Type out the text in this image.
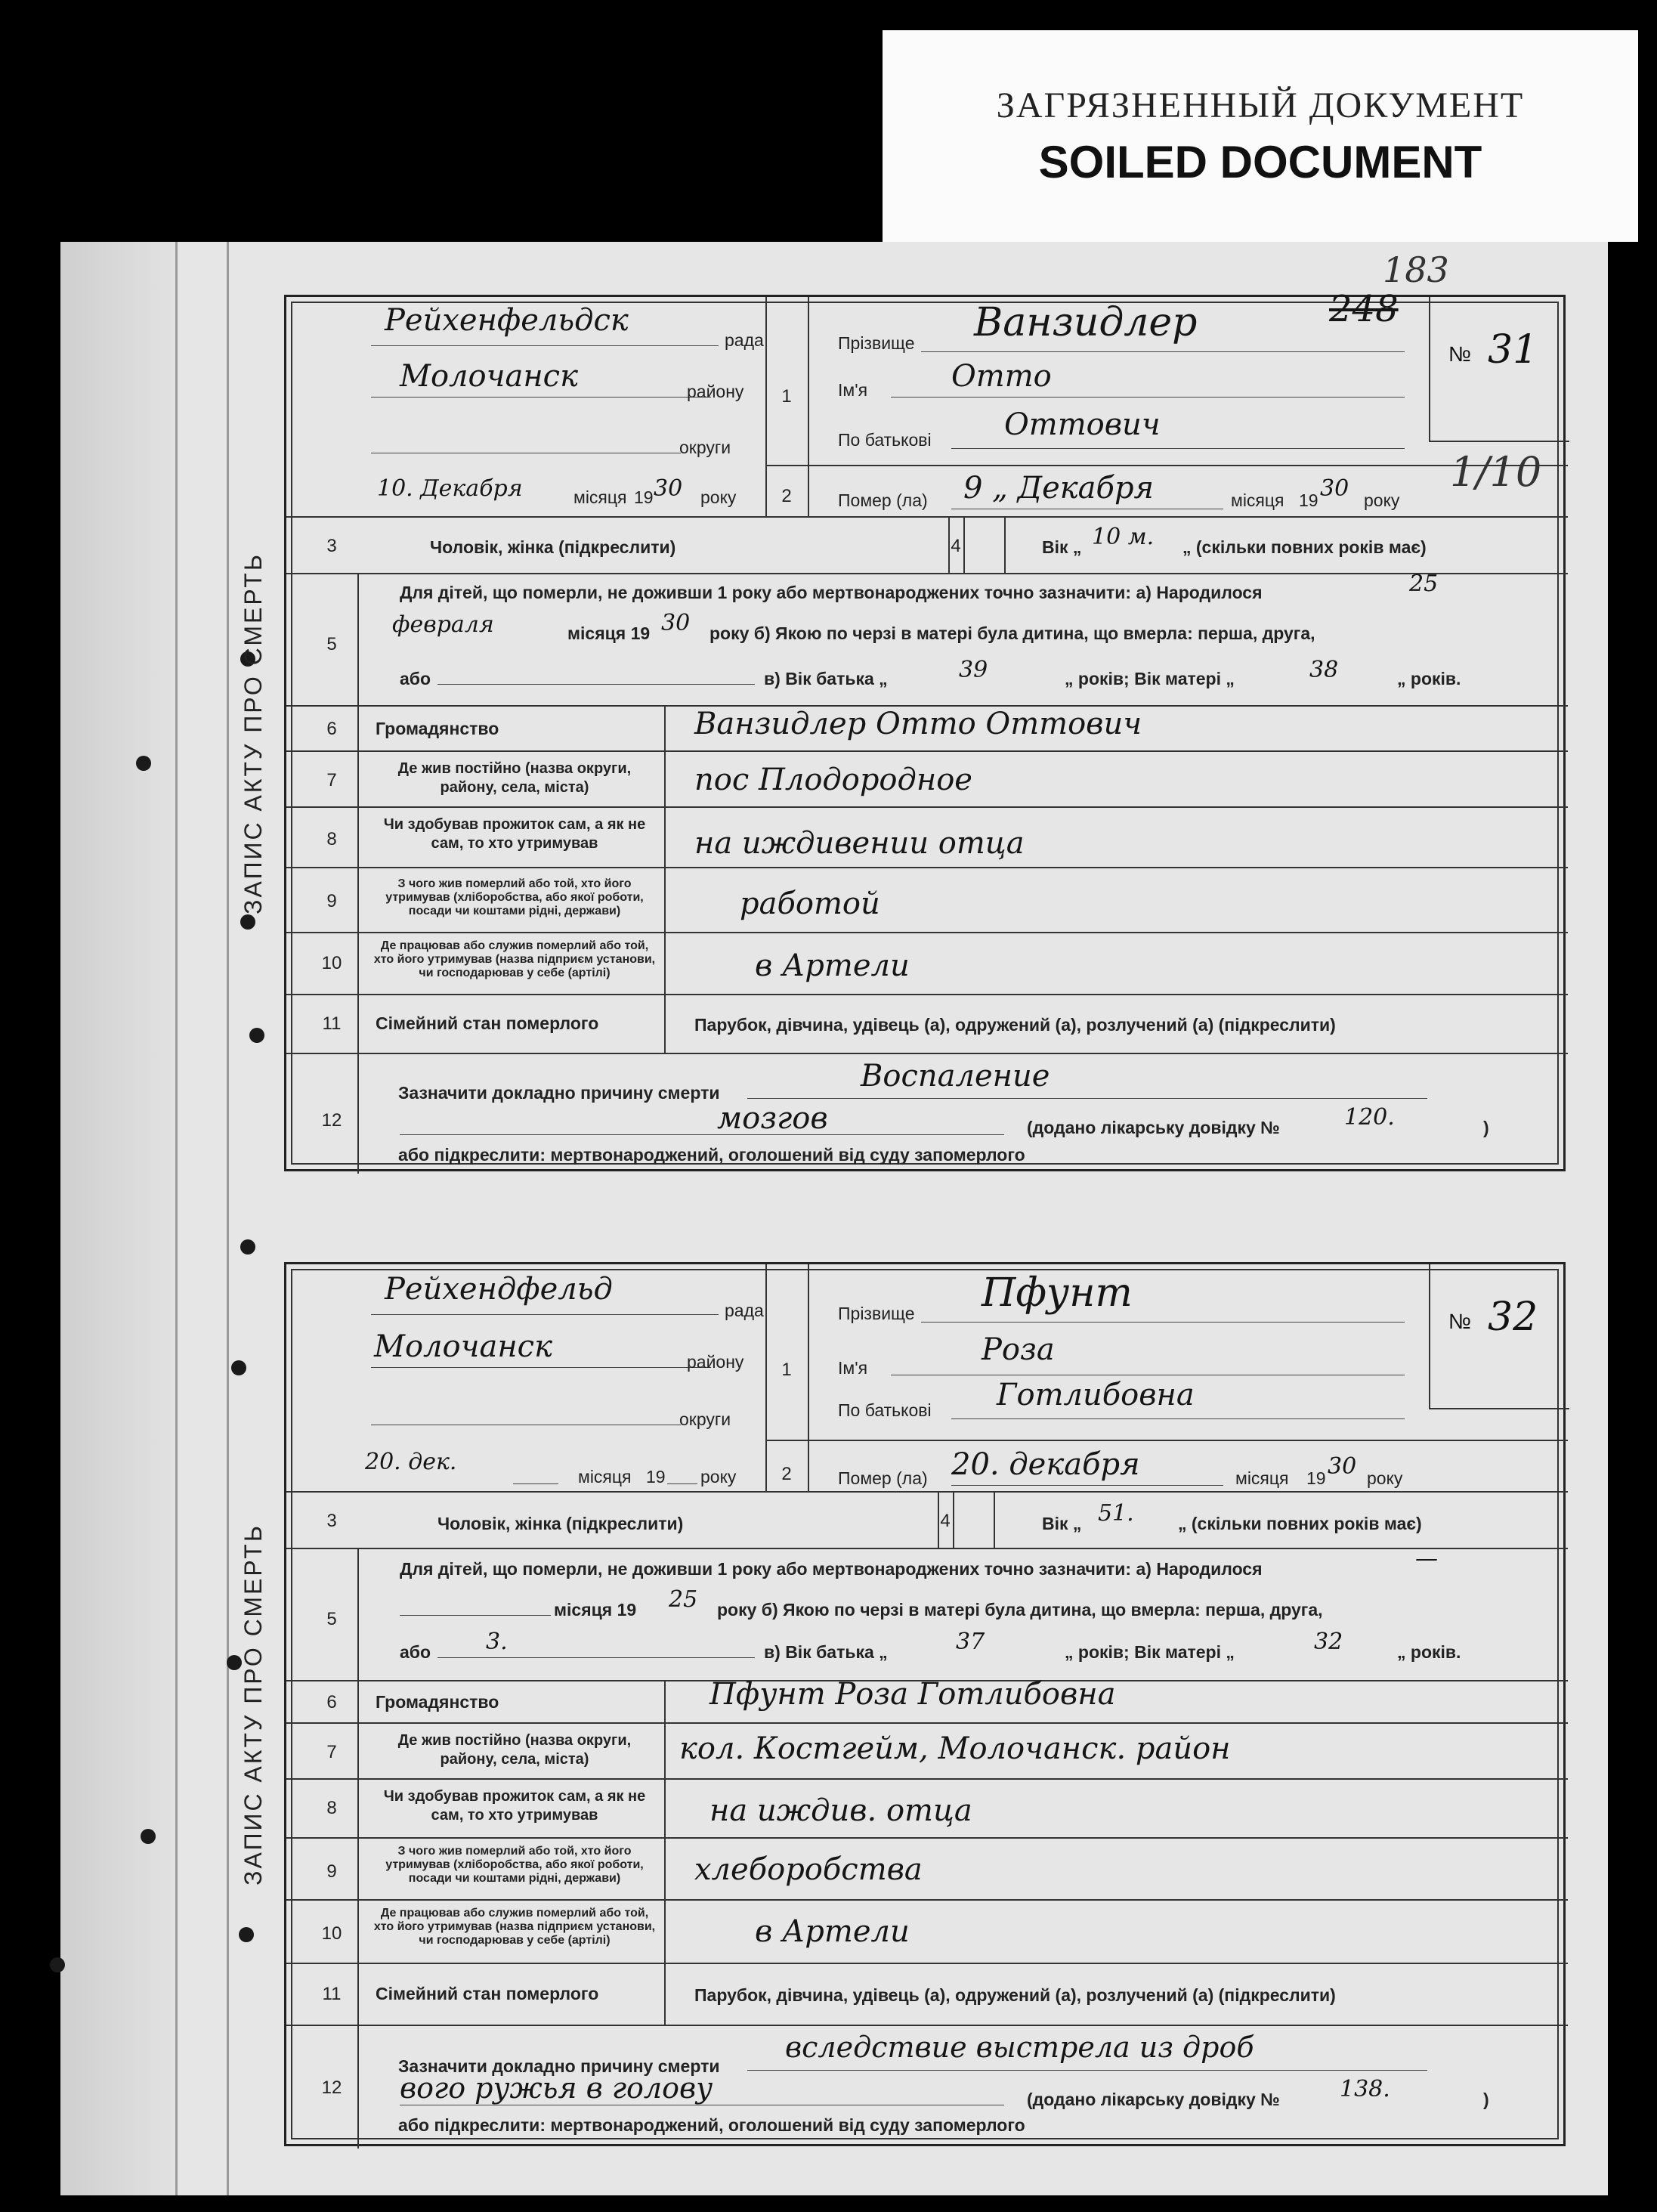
ЗАГРЯЗНЕННЫЙ ДОКУМЕНТ
SOILED DOCUMENT
183
ЗАПИС АКТУ ПРО СМЕРТЬ
№ 31
248
1/10
Рейхенфельдск
рада
Молочанск	району
округи
1
Прізвище Ванзидлер
Ім'я	Отто
По батькові Оттович
10. Декабря	місяця 19 30 року	2	Помер (ла) 9 „ Декабря	місяця 19 30 року
3	Чоловік, жінка (підкреслити)	4	Вік „ 10 м. „ (скільки повних років має)
5
Для дітей, що померли, не доживши 1 року або мертвонароджених точно зазначити: а) Народилося	25
февраля	місяця 19 30 року б) Якою по черзі в матері була дитина, що вмерла: перша, друга,
або	в) Вік батька „	39	„ років; Вік матері „	38	„ років.
6	Громадянство	Ванзидлер Отто Оттович
7
Де жив постійно (назва округи, району, села, міста)	пос Плодородное
8
Чи здобував прожиток сам, а як не сам, то хто утримував	на иждивении отца
9
З чого жив померлий або той, хто його утримував (хліборобства, або якої роботи, посади чи коштами рідні, держави)	работой
10
Де працював або служив померлий або той, хто його утримував (назва підприєм установи, чи господарював у себе (артілі)	в Артели
11	Сімейний стан померлого	Парубок, дівчина, удівець (а), одружений (а), розлучений (а) (підкреслити)
12
Зазначити докладно причину смерти	Воспаление
мозгов	(додано лікарську довідку №	120.	)
або підкреслити: мертвонароджений, оголошений від суду запомерлого
ЗАПИС АКТУ ПРО СМЕРТЬ
№ 32
Рейхендфельд
рада
Молочанск	району
округи
1
Прізвище Пфунт
Ім'я
Роза
По батькові Готлибовна
20. дек.
місяця 19 року	2	Помер (ла) 20. декабря	місяця 19 30 року
3	Чоловік, жінка (підкреслити)	4	Вік „ 51.	„ (скільки повних років має)
5
Для дітей, що померли, не доживши 1 року або мертвонароджених точно зазначити: а) Народилося	—
місяця 19 25 року б) Якою по черзі в матері була дитина, що вмерла: перша, друга,
або 3.	в) Вік батька „	37	„ років; Вік матері „	32	„ років.
6	Громадянство	Пфунт Роза Готлибовна
7
Де жив постійно (назва округи, району, села, міста)	кол. Костгейм, Молочанск. район
8
Чи здобував прожиток сам, а як не сам, то хто утримував	на иждив. отца
9
З чого жив померлий або той, хто його утримував (хліборобства, або якої роботи, посади чи коштами рідні, держави)	хлеборобства
10
Де працював або служив померлий або той, хто його утримував (назва підприєм установи, чи господарював у себе (артілі)	в Артели
11	Сімейний стан померлого	Парубок, дівчина, удівець (а), одружений (а), розлучений (а) (підкреслити)
12
Зазначити докладно причину смерти
вследствие выстрела из дроб
вого ружья в голову	(додано лікарську довідку №	138.	)
або підкреслити: мертвонароджений, оголошений від суду запомерлого
